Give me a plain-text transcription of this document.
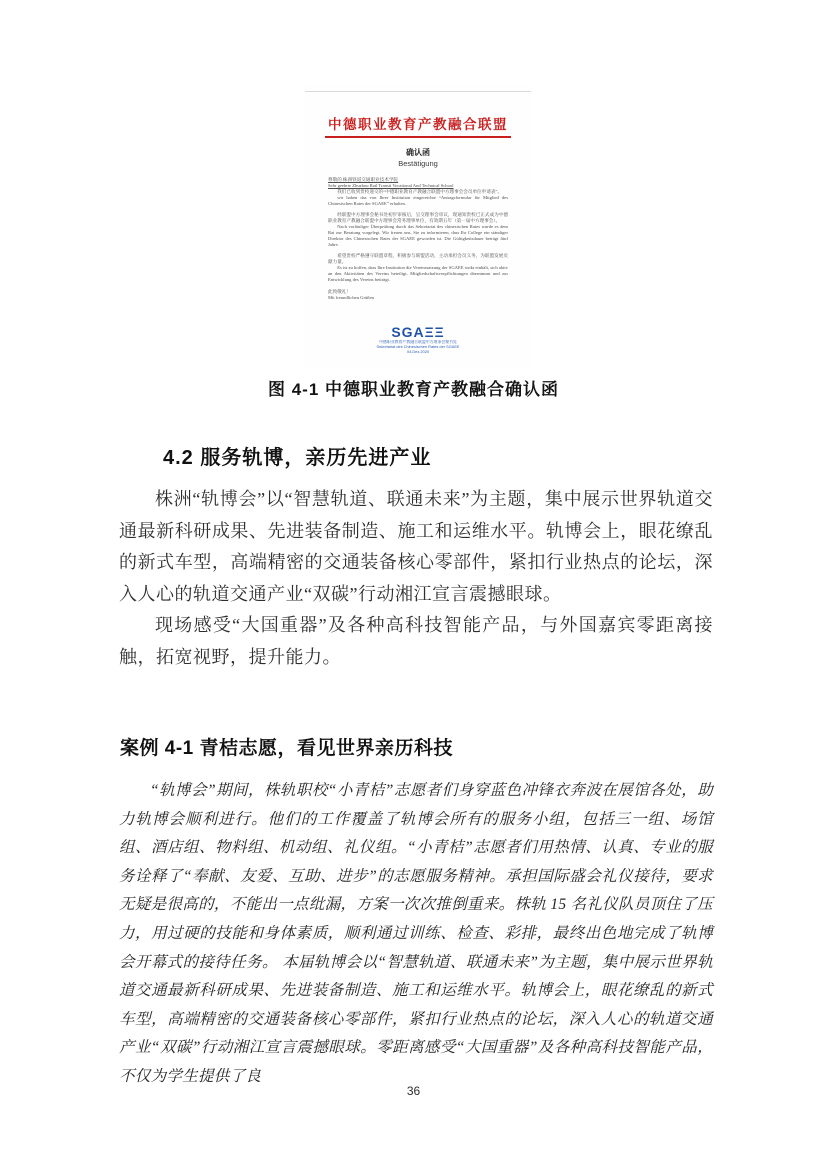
中德职业教育产教融合联盟
确认函
Bestätigung

尊敬的 株洲铁道交通职业技术学院

Sehr geehrte Zhuzhou Rail Transit Vocational And Technical School

我们已收到贵校递交的“中德职业教育产教融合联盟中方理事会会员单位申请表”。

wir haben das von Ihrer Institution eingereichte “Antragsformular für Mitglied des Chinesischen Rates der SGAEE” erhalten.

经联盟中方理事会秘书处初步审核后，呈交理事会审议，现通知贵校已正式成为中德职业教育产教融合联盟中方理事会常务理事单位，有效期五年（第一届中方理事会）。

Nach vorläufiger Überprüfung durch das Sekretariat des chinesischen Rates wurde es dem Rat zur Beratung vorgelegt. Wir freuen uns, Sie zu informieren, dass Ihr College ein ständiger Direktor des Chinesischen Rates der SGAEE geworden ist. Die Gültigkeitsdauer beträgt fünf Jahre.

希望贵校严格遵守联盟章程，积极参与联盟活动，主动承担会员义务，为联盟发展贡献力量。

Es ist zu hoffen, dass Ihre Institution die Vereinssatzung der SGAEE strikt einhält, sich aktiv an den Aktivitäten des Vereins beteiligt, Mitgliedschaftsverpflichtungen übernimmt und zur Entwicklung des Vereins beiträgt.

此致敬礼！
Mit freundlichen Grüßen
SGAΞΞ
中德职业教育产教融合联盟中方理事会秘书处
Sekretariat des Chinesischen Rates der SGAEE
04.Dez.2020
图 4-1 中德职业教育产教融合确认函
4.2 服务轨博，亲历先进产业

株洲“轨博会”以“智慧轨道、联通未来”为主题，集中展示世界轨道交通最新科研成果、先进装备制造、施工和运维水平。轨博会上，眼花缭乱的新式车型，高端精密的交通装备核心零部件，紧扣行业热点的论坛，深入人心的轨道交通产业“双碳”行动湘江宣言震撼眼球。

现场感受“大国重器”及各种高科技智能产品，与外国嘉宾零距离接触，拓宽视野，提升能力。

案例 4-1 青桔志愿，看见世界亲历科技

“轨博会”期间，株轨职校“小青桔”志愿者们身穿蓝色冲锋衣奔波在展馆各处，助力轨博会顺利进行。他们的工作覆盖了轨博会所有的服务小组，包括三一组、场馆组、酒店组、物料组、机动组、礼仪组。“小青桔”志愿者们用热情、认真、专业的服务诠释了“奉献、友爱、互助、进步”的志愿服务精神。承担国际盛会礼仪接待，要求无疑是很高的，不能出一点纰漏，方案一次次推倒重来。株轨 15 名礼仪队员顶住了压力，用过硬的技能和身体素质，顺利通过训练、检查、彩排，最终出色地完成了轨博会开幕式的接待任务。 本届轨博会以“智慧轨道、联通未来”为主题，集中展示世界轨道交通最新科研成果、先进装备制造、施工和运维水平。轨博会上，眼花缭乱的新式车型，高端精密的交通装备核心零部件，紧扣行业热点的论坛，深入人心的轨道交通产业“双碳”行动湘江宣言震撼眼球。零距离感受“大国重器”及各种高科技智能产品，不仅为学生提供了良

36
